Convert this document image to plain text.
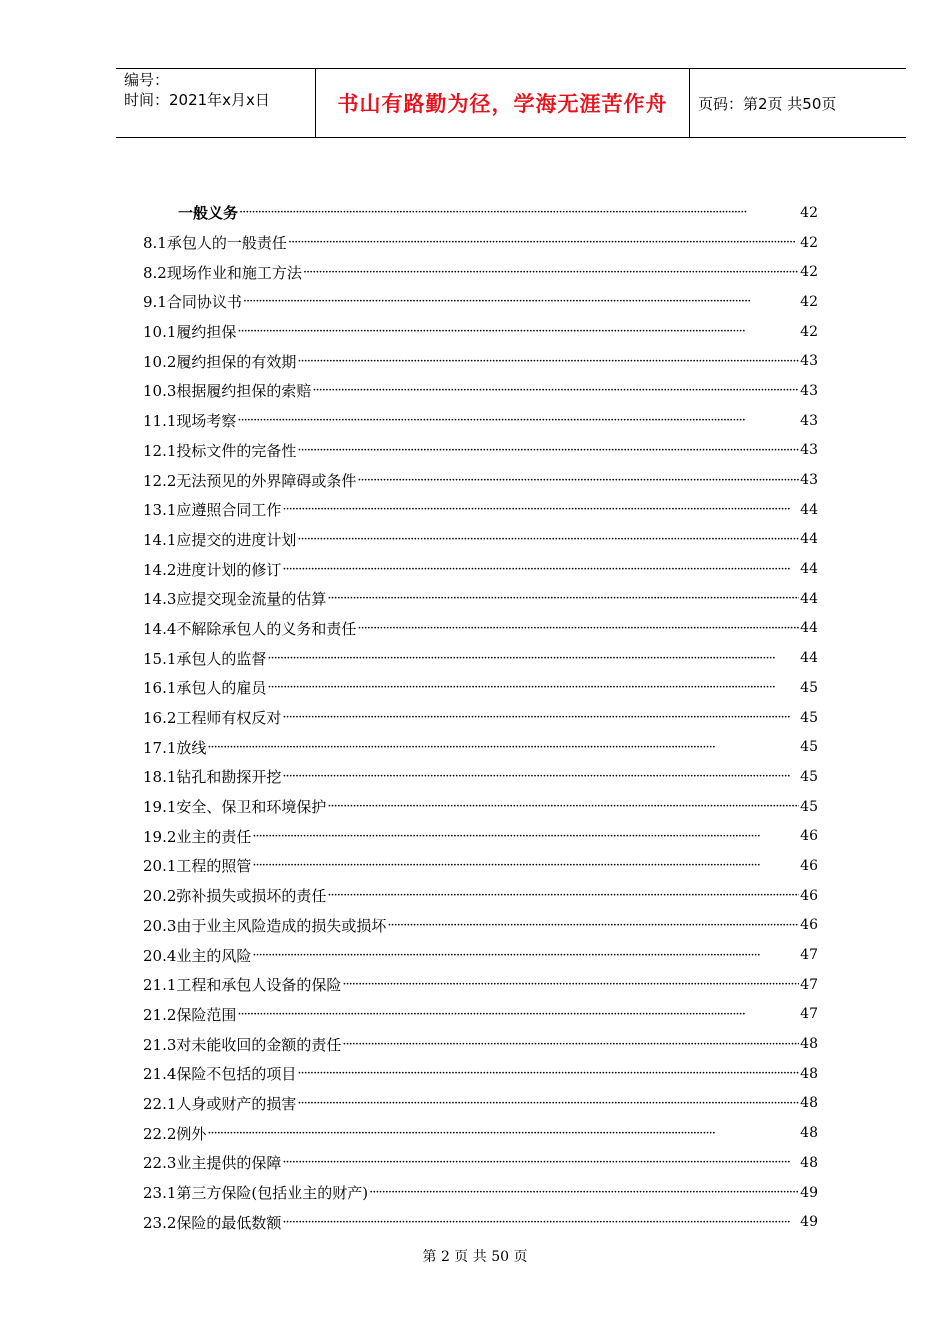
编号：
时间：2021年x月x日	书山有路勤为径，学海无涯苦作舟 页码：第2页 共50页
一般义务 ·····	42
8.1承包人的一般责任 ·····	42
8.2现场作业和施工方法 ·····	42
9.1合同协议书 ·····	42
10.1履约担保 ·····	42
10.2履约担保的有效期 ·····	43
10.3根据履约担保的索赔 ·····	43
11.1现场考察 ·····	43
12.1投标文件的完备性 ·····	43
12.2无法预见的外界障碍或条件 ·····	43
13.1应遵照合同工作 ·····	44
14.1应提交的进度计划 ·····	44
14.2进度计划的修订 ·····	44
14.3应提交现金流量的估算 ·····	44
14.4不解除承包人的义务和责任 ·····	44
15.1承包人的监督 ·····	44
16.1承包人的雇员 ·····	45
16.2工程师有权反对 ·····	45
17.1放线 ·····	45
18.1钻孔和勘探开挖 ·····	45
19.1安全、保卫和环境保护 ·····	45
19.2业主的责任 ·····	46
20.1工程的照管 ·····	46
20.2弥补损失或损坏的责任 ·····	46
20.3由于业主风险造成的损失或损坏 ·····	46
20.4业主的风险 ·····	47
21.1工程和承包人设备的保险 ·····	47
21.2保险范围 ·····	47
21.3对未能收回的金额的责任 ·····	48
21.4保险不包括的项目 ·····	48
22.1人身或财产的损害 ·····	48
22.2例外 ·····	48
22.3业主提供的保障 ·····	48
23.1第三方保险(包括业主的财产) ·····	49
23.2保险的最低数额 ·····	49
第 2 页 共 50 页
